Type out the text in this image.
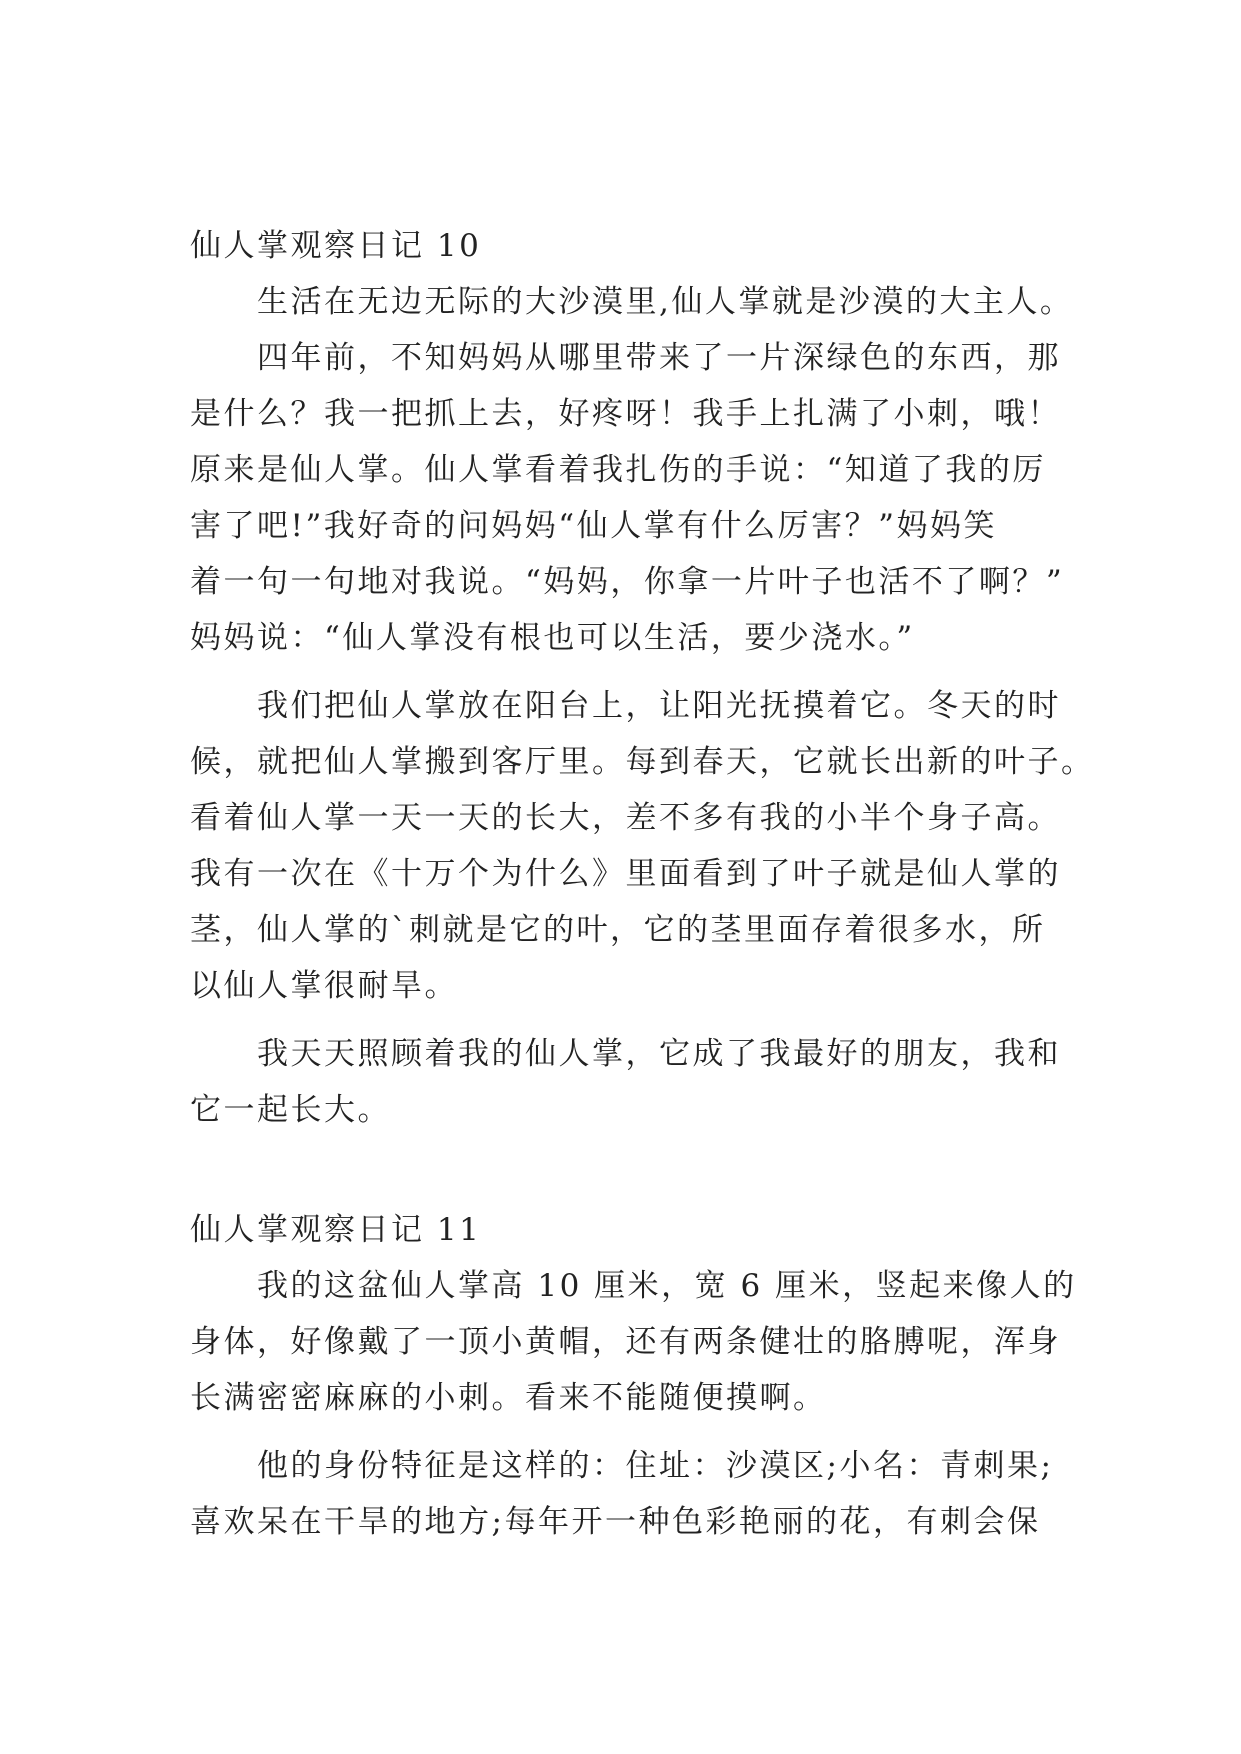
仙人掌观察日记 10
生活在无边无际的大沙漠里,仙人掌就是沙漠的大主人。
四年前，不知妈妈从哪里带来了一片深绿色的东西，那
是什么？我一把抓上去，好疼呀！我手上扎满了小刺，哦！
原来是仙人掌。仙人掌看着我扎伤的手说：“知道了我的厉
害了吧!”我好奇的问妈妈“仙人掌有什么厉害？”妈妈笑
着一句一句地对我说。“妈妈，你拿一片叶子也活不了啊？”
妈妈说：“仙人掌没有根也可以生活，要少浇水。”
我们把仙人掌放在阳台上，让阳光抚摸着它。冬天的时
候，就把仙人掌搬到客厅里。每到春天，它就长出新的叶子。
看着仙人掌一天一天的长大，差不多有我的小半个身子高。
我有一次在《十万个为什么》里面看到了叶子就是仙人掌的
茎，仙人掌的`刺就是它的叶，它的茎里面存着很多水，所
以仙人掌很耐旱。
我天天照顾着我的仙人掌，它成了我最好的朋友，我和
它一起长大。
仙人掌观察日记 11
我的这盆仙人掌高 10 厘米，宽 6 厘米，竖起来像人的
身体，好像戴了一顶小黄帽，还有两条健壮的胳膊呢，浑身
长满密密麻麻的小刺。看来不能随便摸啊。
他的身份特征是这样的：住址：沙漠区;小名：青刺果;
喜欢呆在干旱的地方;每年开一种色彩艳丽的花，有刺会保
